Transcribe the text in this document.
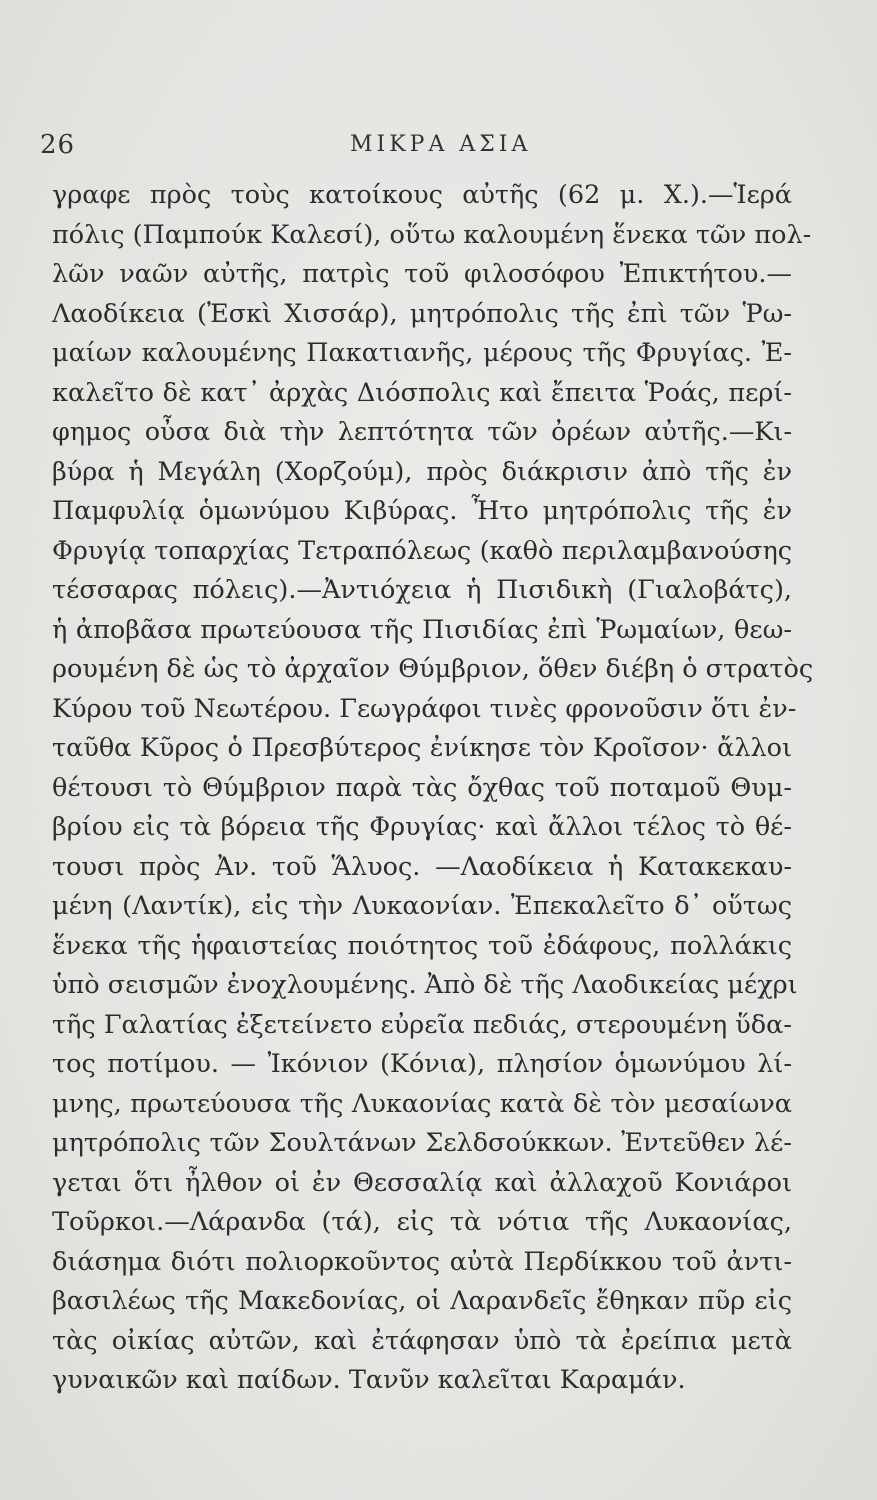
26	ΜΙΚΡΑ ΑΣΙΑ
γραφε πρὸς τοὺς κατοίκους αὐτῆς (62 μ. Χ.).—Ἱερά
πόλις (Παμπούκ Καλεσί), οὕτω καλουμένη ἕνεκα τῶν πολ-
λῶν ναῶν αὐτῆς, πατρὶς τοῦ φιλοσόφου Ἐπικτήτου.—
Λαοδίκεια (Ἐσκὶ Χισσάρ), μητρόπολις τῆς ἐπὶ τῶν Ῥω-
μαίων καλουμένης Πακατιανῆς, μέρους τῆς Φρυγίας. Ἐ-
καλεῖτο δὲ κατ᾿ ἀρχὰς Διόσπολις καὶ ἔπειτα Ῥοάς, περί-
φημος οὖσα διὰ τὴν λεπτότητα τῶν ὀρέων αὐτῆς.—Κι-
βύρα ἡ Μεγάλη (Χορζούμ), πρὸς διάκρισιν ἀπὸ τῆς ἐν
Παμφυλίᾳ ὁμωνύμου Κιβύρας. Ἦτο μητρόπολις τῆς ἐν
Φρυγίᾳ τοπαρχίας Τετραπόλεως (καθὸ περιλαμβανούσης
τέσσαρας πόλεις).—Ἀντιόχεια ἡ Πισιδικὴ (Γιαλοβάτς),
ἡ ἀποβᾶσα πρωτεύουσα τῆς Πισιδίας ἐπὶ Ῥωμαίων, θεω-
ρουμένη δὲ ὡς τὸ ἀρχαῖον Θύμβριον, ὅθεν διέβη ὁ στρατὸς
Κύρου τοῦ Νεωτέρου. Γεωγράφοι τινὲς φρονοῦσιν ὅτι ἐν-
ταῦθα Κῦρος ὁ Πρεσβύτερος ἐνίκησε τὸν Κροῖσον· ἄλλοι
θέτουσι τὸ Θύμβριον παρὰ τὰς ὄχθας τοῦ ποταμοῦ Θυμ-
βρίου εἰς τὰ βόρεια τῆς Φρυγίας· καὶ ἄλλοι τέλος τὸ θέ-
τουσι πρὸς Ἀν. τοῦ Ἅλυος. —Λαοδίκεια ἡ Κατακεκαυ-
μένη (Λαντίκ), εἰς τὴν Λυκαονίαν. Ἐπεκαλεῖτο δ᾿ οὕτως
ἕνεκα τῆς ἡφαιστείας ποιότητος τοῦ ἐδάφους, πολλάκις
ὑπὸ σεισμῶν ἐνοχλουμένης. Ἀπὸ δὲ τῆς Λαοδικείας μέχρι
τῆς Γαλατίας ἐξετείνετο εὐρεῖα πεδιάς, στερουμένη ὕδα-
τος ποτίμου. — Ἰκόνιον (Κόνια), πλησίον ὁμωνύμου λί-
μνης, πρωτεύουσα τῆς Λυκαονίας κατὰ δὲ τὸν μεσαίωνα
μητρόπολις τῶν Σουλτάνων Σελδσούκκων. Ἐντεῦθεν λέ-
γεται ὅτι ἦλθον οἱ ἐν Θεσσαλίᾳ καὶ ἀλλαχοῦ Κονιάροι
Τοῦρκοι.—Λάρανδα (τά), εἰς τὰ νότια τῆς Λυκαονίας,
διάσημα διότι πολιορκοῦντος αὐτὰ Περδίκκου τοῦ ἀντι-
βασιλέως τῆς Μακεδονίας, οἱ Λαρανδεῖς ἔθηκαν πῦρ εἰς
τὰς οἰκίας αὐτῶν, καὶ ἐτάφησαν ὑπὸ τὰ ἐρείπια μετὰ
γυναικῶν καὶ παίδων. Τανῦν καλεῖται Καραμάν.
